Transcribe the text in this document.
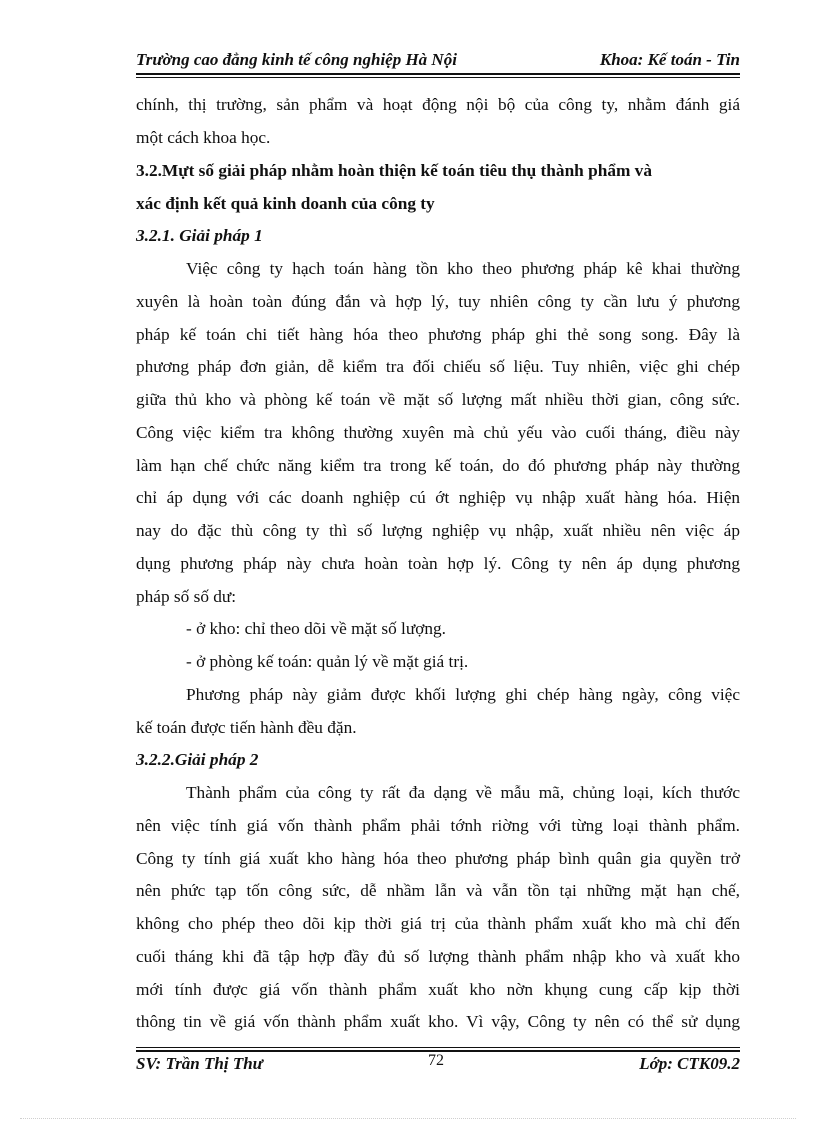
Trường cao đẳng kinh tế công nghiệp Hà Nội	Khoa: Kế toán - Tin
chính, thị trường, sản phẩm và hoạt động nội bộ của công ty, nhằm đánh giá
một cách khoa học.
3.2.Mựt số giải pháp nhằm hoàn thiện kế toán tiêu thụ thành phẩm và
xác định kết quả kinh doanh của công ty
3.2.1. Giải pháp 1
Việc công ty hạch toán hàng tồn kho theo phương pháp kê khai thường
xuyên là hoàn toàn đúng đắn và hợp lý, tuy nhiên công ty cần lưu ý phương
pháp kế toán chi tiết hàng hóa theo phương pháp ghi thẻ song song. Đây là
phương pháp đơn giản, dễ kiểm tra đối chiếu số liệu. Tuy nhiên, việc ghi chép
giữa thủ kho và phòng kế toán về mặt số lượng mất nhiều thời gian, công sức.
Công việc kiểm tra không thường xuyên mà chủ yếu vào cuối tháng, điều này
làm hạn chế chức năng kiểm tra trong kế toán, do đó phương pháp này thường
chỉ áp dụng với các doanh nghiệp cú ớt nghiệp vụ nhập xuất hàng hóa. Hiện
nay do đặc thù công ty thì số lượng nghiệp vụ nhập, xuất nhiều nên việc áp
dụng phương pháp này chưa hoàn toàn hợp lý. Công ty nên áp dụng phương
pháp số số dư:
- ở kho: chỉ theo dõi về mặt số lượng.
- ở phòng kế toán: quản lý về mặt giá trị.
Phương pháp này giảm được khối lượng ghi chép hàng ngày, công việc
kế toán được tiến hành đều đặn.
3.2.2.Giải pháp 2
Thành phẩm của công ty rất đa dạng về mẫu mã, chủng loại, kích thước
nên việc tính giá vốn thành phẩm phải tớnh riờng với từng loại thành phẩm.
Công ty tính giá xuất kho hàng hóa theo phương pháp bình quân gia quyền trở
nên phức tạp tốn công sức, dễ nhầm lẫn và vẫn tồn tại những mặt hạn chế,
không cho phép theo dõi kịp thời giá trị của thành phẩm xuất kho mà chỉ đến
cuối tháng khi đã tập hợp đầy đủ số lượng thành phẩm nhập kho và xuất kho
mới tính được giá vốn thành phẩm xuất kho nờn khụng cung cấp kịp thời
thông tin về giá vốn thành phẩm xuất kho. Vì vậy, Công ty nên có thể sử dụng
SV: Trần Thị Thư	72	Lớp: CTK09.2
